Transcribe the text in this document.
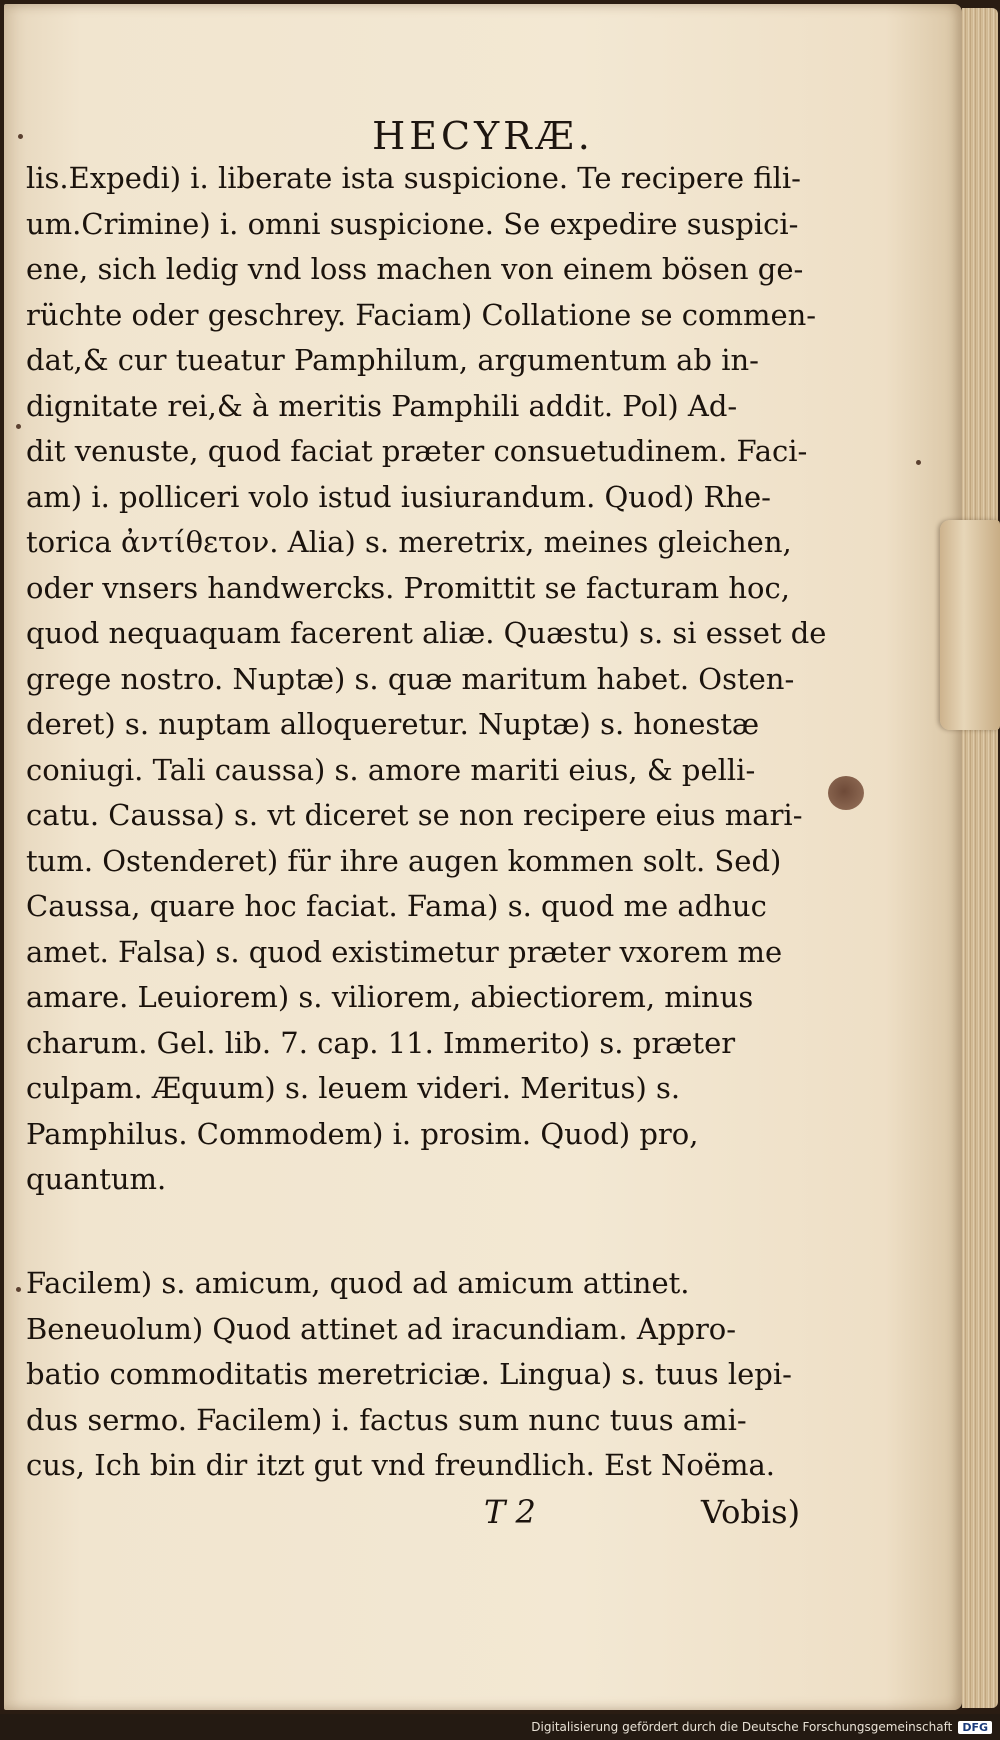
HECYRÆ.
lis.Expedi) i. liberate ista suspicione. Te recipere fili-
um.Crimine) i. omni suspicione. Se expedire suspici-
ene, sich ledig vnd loss machen von einem bösen ge-
rüchte oder geschrey. Faciam) Collatione se commen-
dat,& cur tueatur Pamphilum, argumentum ab in-
dignitate rei,& à meritis Pamphili addit. Pol) Ad-
dit venuste, quod faciat præter consuetudinem. Faci-
am) i. polliceri volo istud iusiurandum. Quod) Rhe-
torica ἀντίθετον. Alia) s. meretrix, meines gleichen,
oder vnsers handwercks. Promittit se facturam hoc,
quod nequaquam facerent aliæ. Quæstu) s. si esset de
grege nostro. Nuptæ) s. quæ maritum habet. Osten-
deret) s. nuptam alloqueretur. Nuptæ) s. honestæ
coniugi. Tali caussa) s. amore mariti eius, & pelli-
catu. Caussa) s. vt diceret se non recipere eius mari-
tum. Ostenderet) für ihre augen kommen solt. Sed)
Caussa, quare hoc faciat. Fama) s. quod me adhuc
amet. Falsa) s. quod existimetur præter vxorem me
amare. Leuiorem) s. viliorem, abiectiorem, minus
charum. Gel. lib. 7. cap. 11. Immerito) s. præter
culpam. Æquum) s. leuem videri. Meritus) s.
Pamphilus. Commodem) i. prosim. Quod) pro,
quantum.
Facilem) s. amicum, quod ad amicum attinet.
Beneuolum) Quod attinet ad iracundiam. Appro-
batio commoditatis meretriciæ. Lingua) s. tuus lepi-
dus sermo. Facilem) i. factus sum nunc tuus ami-
cus, Ich bin dir itzt gut vnd freundlich. Est Noëma.
T 2	Vobis)
Digitalisierung gefördert durch die Deutsche Forschungsgemeinschaft DFG
